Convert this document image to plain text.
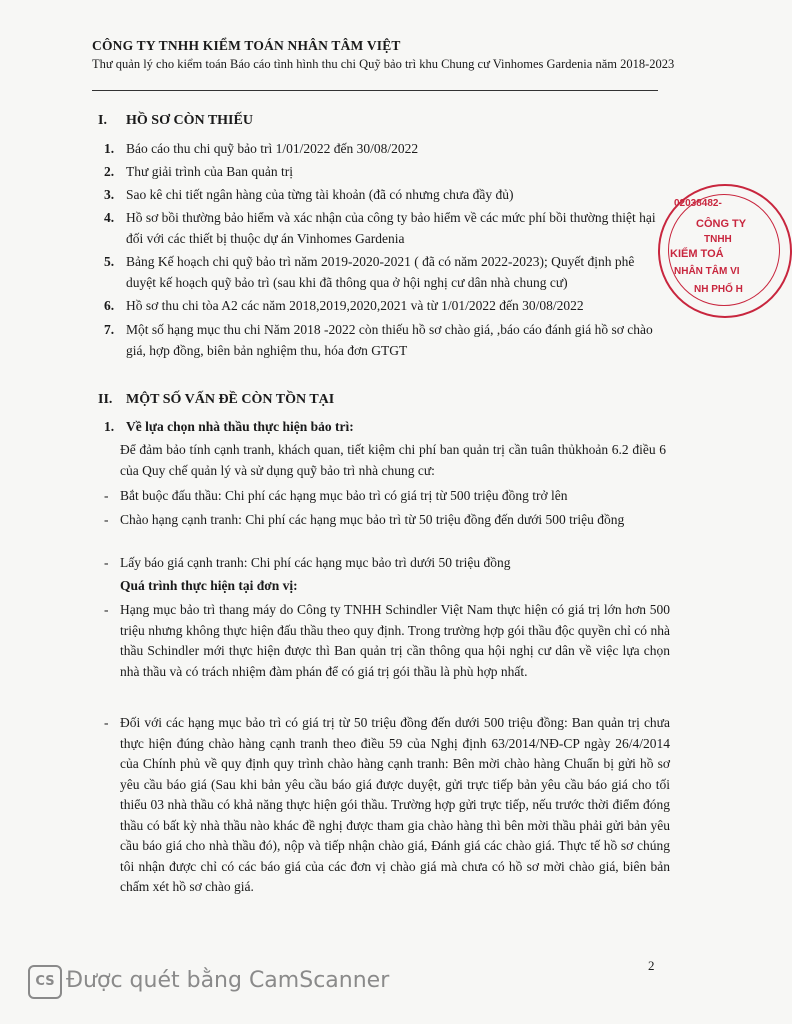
CÔNG TY TNHH KIỂM TOÁN NHÂN TÂM VIỆT
Thư quản lý cho kiểm toán Báo cáo tình hình thu chi Quỹ bảo trì khu Chung cư Vinhomes Gardenia năm 2018-2023
I. HỒ SƠ CÒN THIẾU
1. Báo cáo thu chi quỹ bảo trì 1/01/2022 đến 30/08/2022
2. Thư giải trình của Ban quản trị
3. Sao kê chi tiết ngân hàng của từng tài khoản (đã có nhưng chưa đầy đủ)
4. Hồ sơ bồi thường bảo hiểm và xác nhận của công ty bảo hiểm về các mức phí bồi thường thiệt hại đối với các thiết bị thuộc dự án Vinhomes Gardenia
5. Bảng Kế hoạch chi quỹ bảo trì năm 2019-2020-2021 ( đã có năm 2022-2023); Quyết định phê duyệt kế hoạch quỹ bảo trì (sau khi đã thông qua ở hội nghị cư dân nhà chung cư)
6. Hồ sơ thu chi tòa A2 các năm 2018,2019,2020,2021 và từ 1/01/2022 đến 30/08/2022
7. Một số hạng mục thu chi Năm 2018 -2022 còn thiếu hồ sơ chào giá, ,báo cáo đánh giá hồ sơ chào giá, hợp đồng, biên bản nghiệm thu, hóa đơn GTGT
II. MỘT SỐ VẤN ĐỀ CÒN TỒN TẠI
1. Về lựa chọn nhà thầu thực hiện bảo trì:
Để đảm bảo tính cạnh tranh, khách quan, tiết kiệm chi phí ban quản trị cần tuân thủkhoản 6.2 điều 6 của Quy chế quản lý và sử dụng quỹ bảo trì nhà chung cư:
- Bắt buộc đấu thầu: Chi phí các hạng mục bảo trì có giá trị từ 500 triệu đồng trở lên
- Chào hạng cạnh tranh: Chi phí các hạng mục bảo trì từ 50 triệu đồng đến dưới 500 triệu đồng
- Lấy báo giá cạnh tranh: Chi phí các hạng mục bảo trì dưới 50 triệu đồng
Quá trình thực hiện tại đơn vị:
- Hạng mục bảo trì thang máy do Công ty TNHH Schindler Việt Nam thực hiện có giá trị lớn hơn 500 triệu nhưng không thực hiện đấu thầu theo quy định. Trong trường hợp gói thầu độc quyền chỉ có nhà thầu Schindler mới thực hiện được thì Ban quản trị cần thông qua hội nghị cư dân về việc lựa chọn nhà thầu và có trách nhiệm đàm phán để có giá trị gói thầu là phù hợp nhất.
- Đối với các hạng mục bảo trì có giá trị từ 50 triệu đồng đến dưới 500 triệu đồng: Ban quản trị chưa thực hiện đúng chào hàng cạnh tranh theo điều 59 của Nghị định 63/2014/NĐ-CP ngày 26/4/2014 của Chính phủ về quy định quy trình chào hàng cạnh tranh: Bên mời chào hàng Chuẩn bị gửi hồ sơ yêu cầu báo giá (Sau khi bản yêu cầu báo giá được duyệt, gửi trực tiếp bản yêu cầu báo giá cho tối thiểu 03 nhà thầu có khả năng thực hiện gói thầu. Trường hợp gửi trực tiếp, nếu trước thời điểm đóng thầu có bất kỳ nhà thầu nào khác đề nghị được tham gia chào hàng thì bên mời thầu phải gửi bản yêu cầu báo giá cho nhà thầu đó), nộp và tiếp nhận chào giá, Đánh giá các chào giá. Thực tế hồ sơ chúng tôi nhận được chỉ có các báo giá của các đơn vị chào giá mà chưa có hồ sơ mời chào giá, biên bản chấm xét hồ sơ chào giá.
2
02038482-
CÔNG TY
TNHH
KIỂM TOÁ
NHÂN TÂM VI
NH PHỐ H
CS Được quét bằng CamScanner
